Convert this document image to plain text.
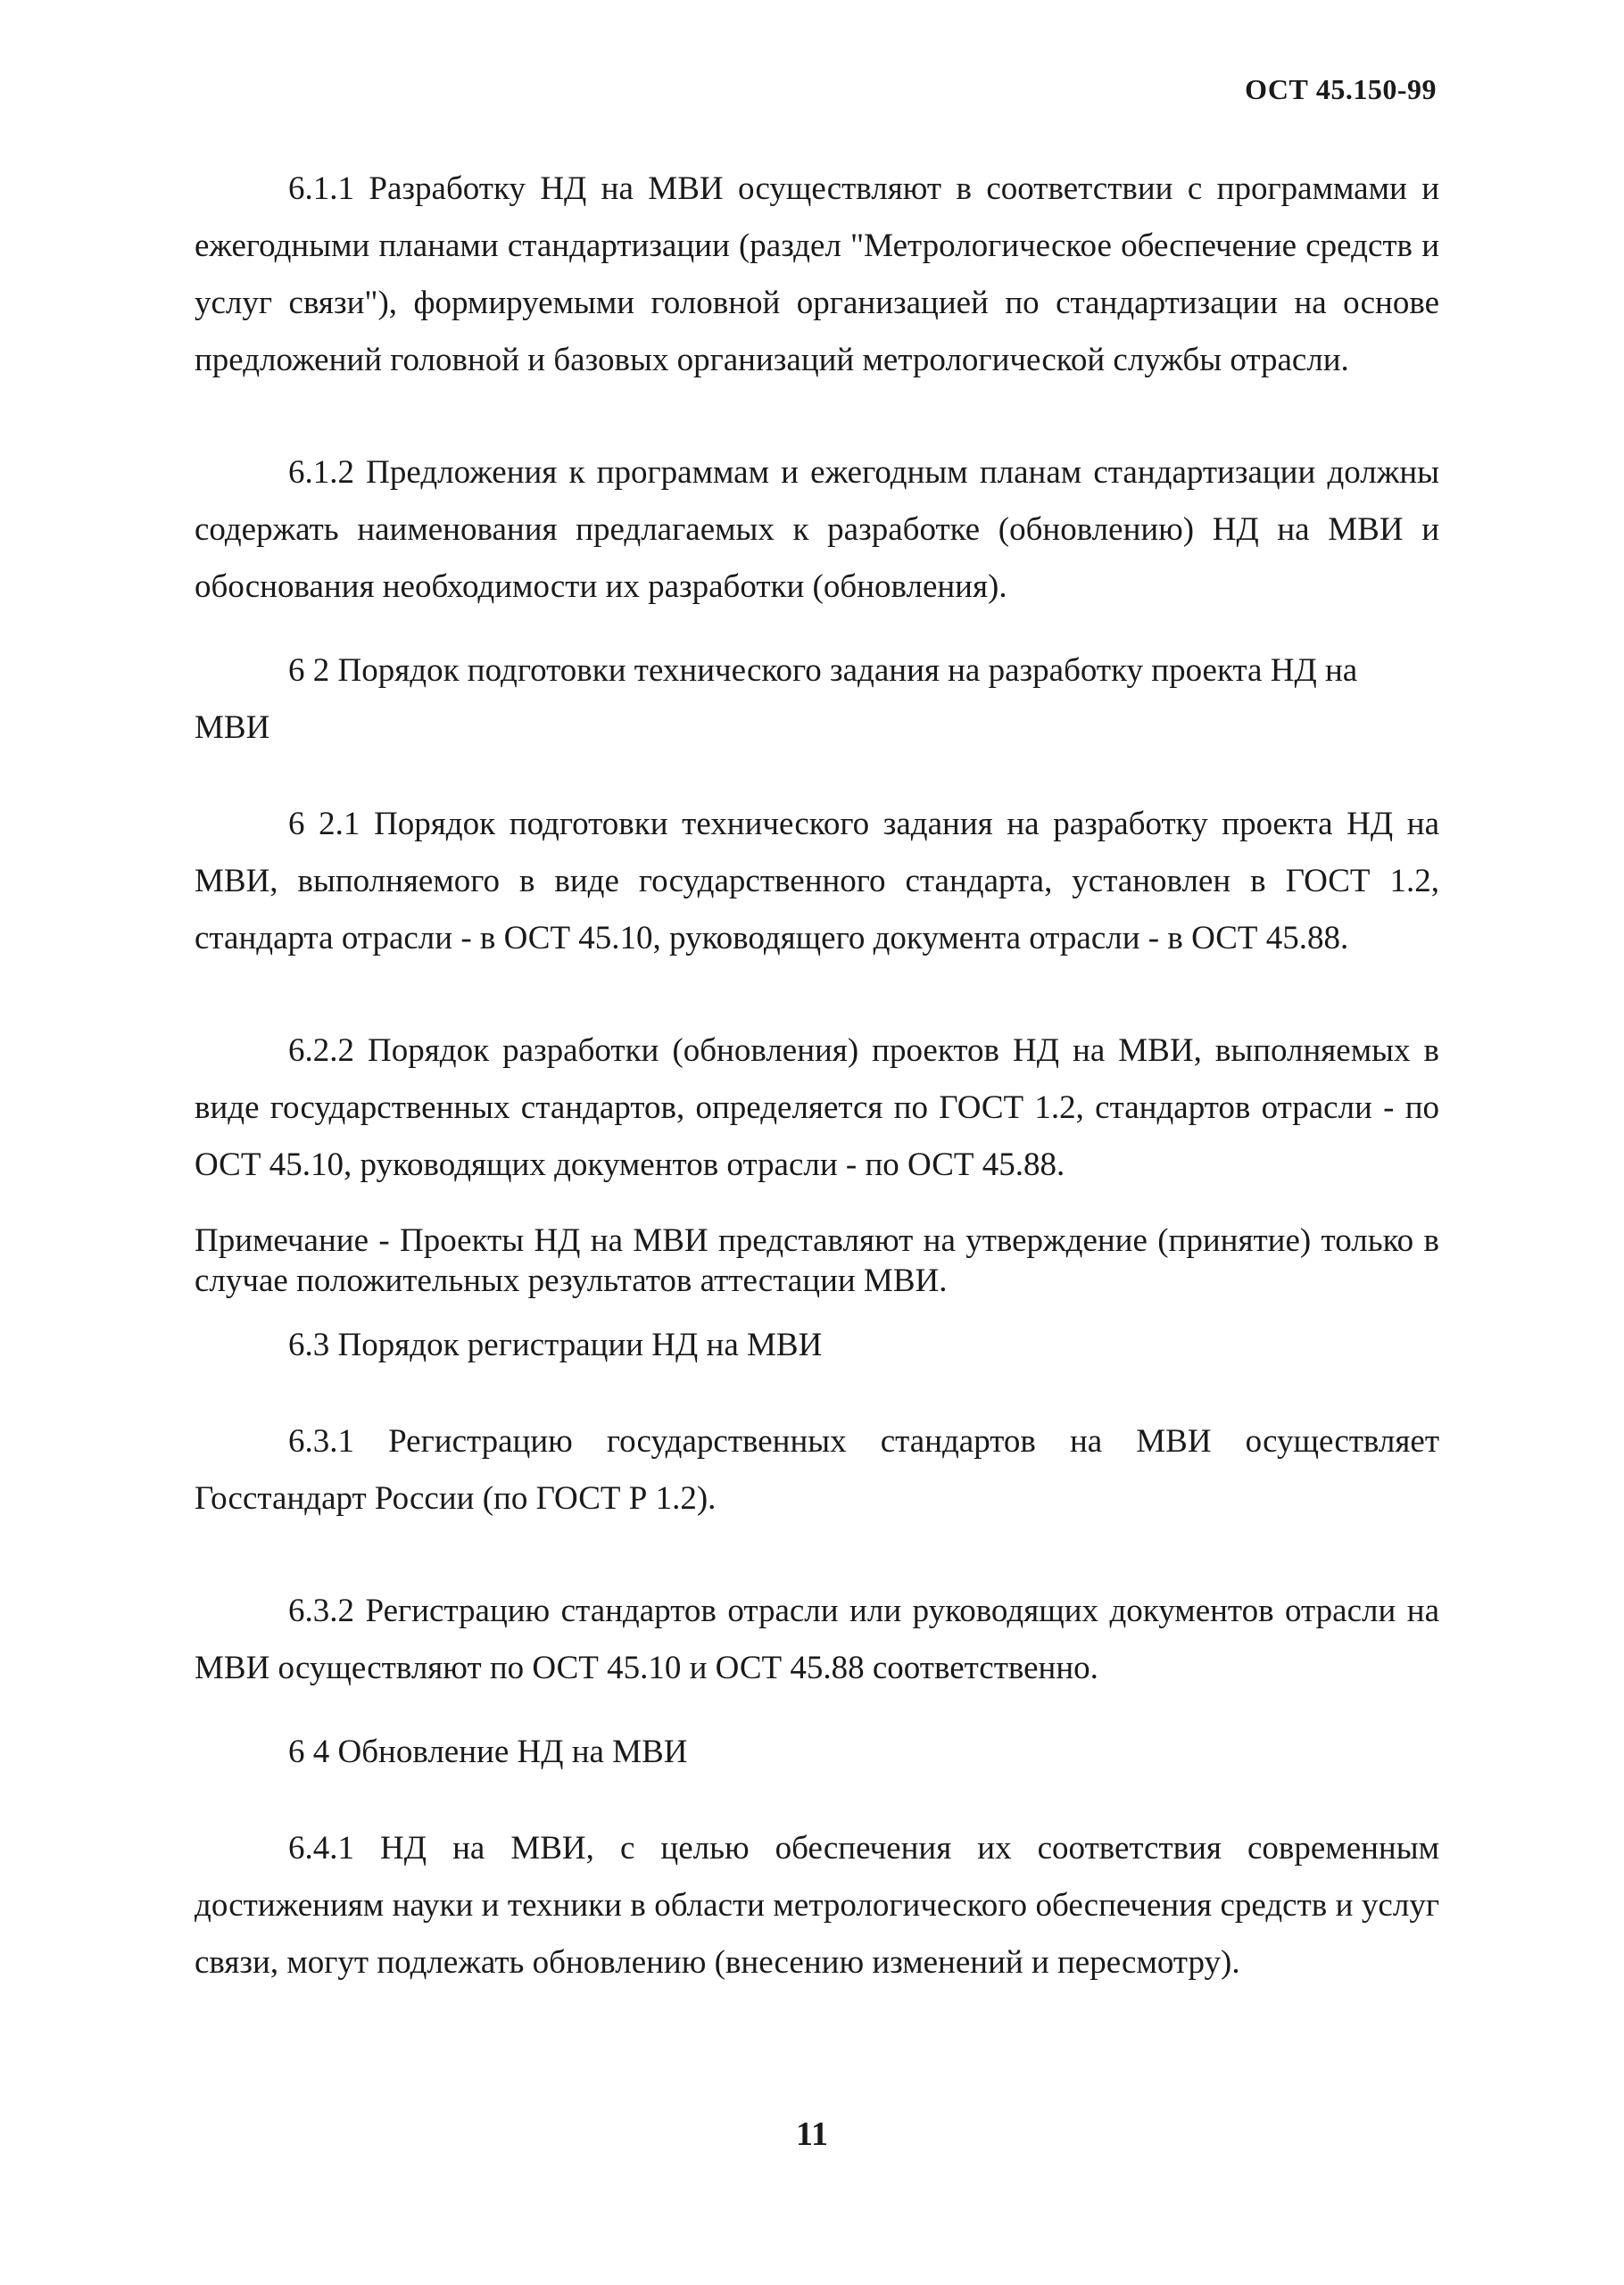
ОСТ 45.150-99

6.1.1 Разработку НД на МВИ осуществляют в соответствии с программами и ежегодными планами стандартизации (раздел "Метрологическое обеспечение средств и услуг связи"), формируемыми головной организацией по стандартизации на основе предложений головной и базовых организаций метрологической службы отрасли.

6.1.2 Предложения к программам и ежегодным планам стандартизации должны содержать наименования предлагаемых к разработке (обновлению) НД на МВИ и обоснования необходимости их разработки (обновления).

6 2 Порядок подготовки технического задания на разработку проекта НД на МВИ

6 2.1 Порядок подготовки технического задания на разработку проекта НД на МВИ, выполняемого в виде государственного стандарта, установлен в ГОСТ 1.2, стандарта отрасли - в ОСТ 45.10, руководящего документа отрасли - в ОСТ 45.88.

6.2.2 Порядок разработки (обновления) проектов НД на МВИ, выполняемых в виде государственных стандартов, определяется по ГОСТ 1.2, стандартов отрасли - по ОСТ 45.10, руководящих документов отрасли - по ОСТ 45.88.

Примечание - Проекты НД на МВИ представляют на утверждение (принятие) только в случае положительных результатов аттестации МВИ.

6.3 Порядок регистрации НД на МВИ

6.3.1 Регистрацию государственных стандартов на МВИ осуществляет Госстандарт России (по ГОСТ Р 1.2).

6.3.2 Регистрацию стандартов отрасли или руководящих документов отрасли на МВИ осуществляют по ОСТ 45.10 и ОСТ 45.88 соответственно.

6 4 Обновление НД на МВИ

6.4.1 НД на МВИ, с целью обеспечения их соответствия современным достижениям науки и техники в области метрологического обеспечения средств и услуг связи, могут подлежать обновлению (внесению изменений и пересмотру).

11
